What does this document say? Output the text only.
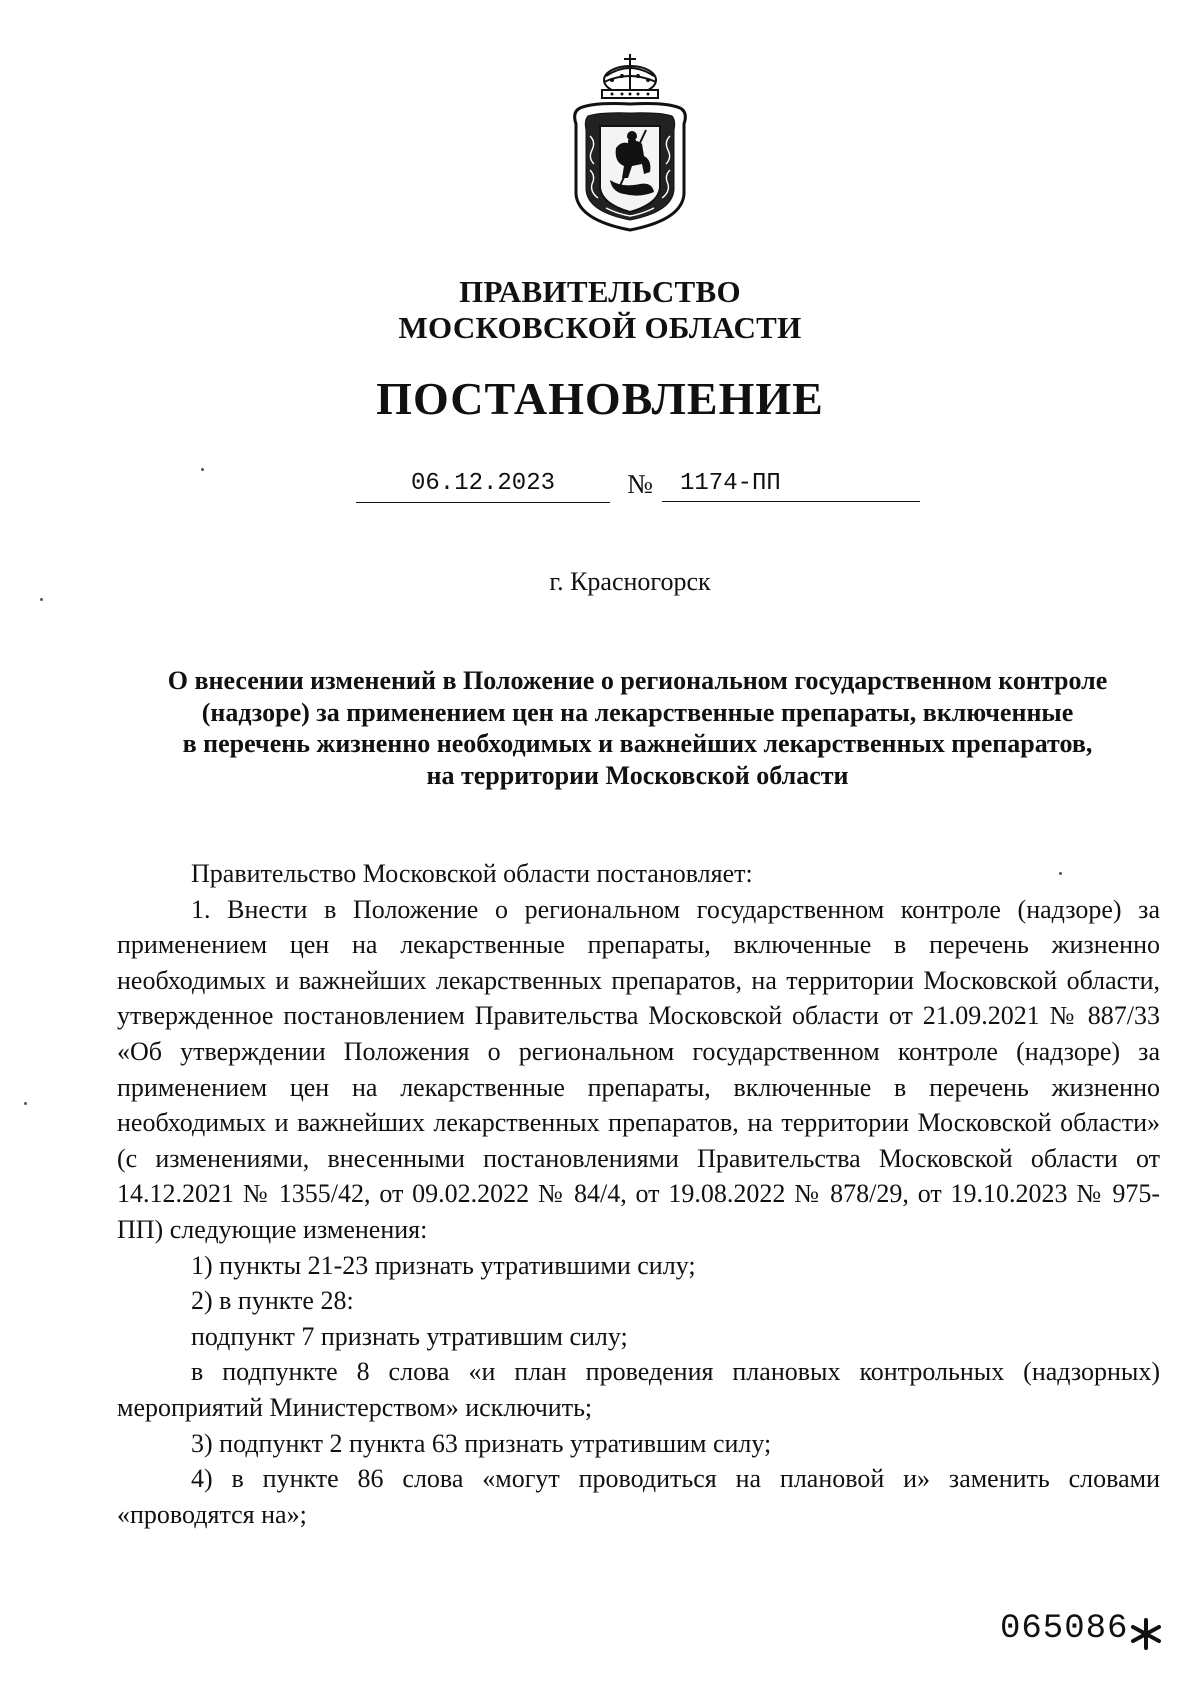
ПРАВИТЕЛЬСТВО
МОСКОВСКОЙ ОБЛАСТИ
ПОСТАНОВЛЕНИЕ
06.12.2023	№	1174-ПП
г. Красногорск
О внесении изменений в Положение о региональном государственном контроле
(надзоре) за применением цен на лекарственные препараты, включенные
в перечень жизненно необходимых и важнейших лекарственных препаратов,
на территории Московской области

Правительство Московской области постановляет:

1. Внести в Положение о региональном государственном контроле (надзоре) за применением цен на лекарственные препараты, включенные в перечень жизненно необходимых и важнейших лекарственных препаратов, на территории Московской области, утвержденное постановлением Правительства Московской области от 21.09.2021 № 887/33 «Об утверждении Положения о региональном государственном контроле (надзоре) за применением цен на лекарственные препараты, включенные в перечень жизненно необходимых и важнейших лекарственных препаратов, на территории Московской области» (с изменениями, внесенными постановлениями Правительства Московской области от 14.12.2021 № 1355/42, от 09.02.2022 № 84/4, от 19.08.2022 № 878/29, от 19.10.2023 № 975-ПП) следующие изменения:

1) пункты 21-23 признать утратившими силу;

2) в пункте 28:

подпункт 7 признать утратившим силу;

в подпункте 8 слова «и план проведения плановых контрольных (надзорных) мероприятий Министерством» исключить;

3) подпункт 2 пункта 63 признать утратившим силу;

4) в пункте 86 слова «могут проводиться на плановой и» заменить словами «проводятся на»;

065086
